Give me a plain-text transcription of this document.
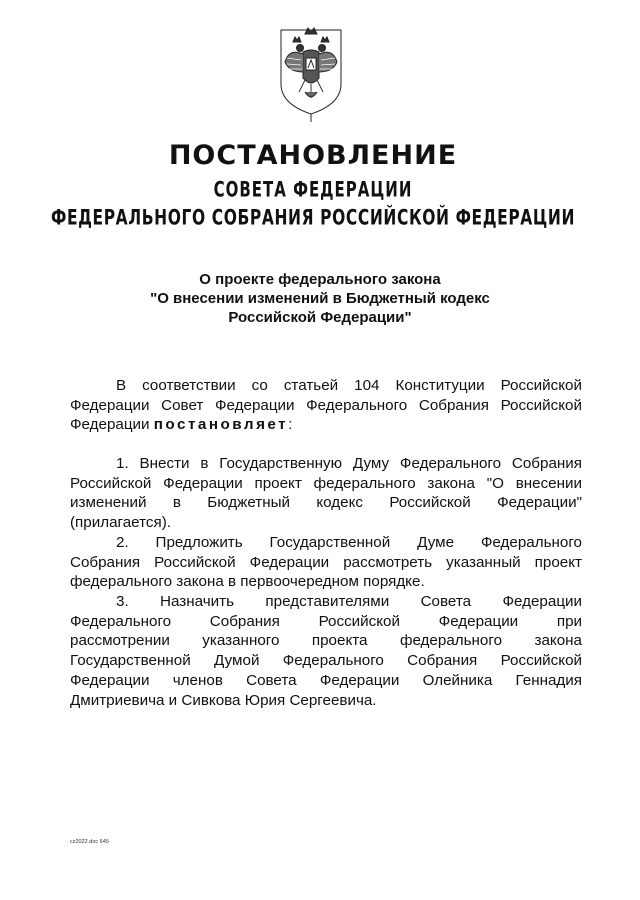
ПОСТАНОВЛЕНИЕ
СОВЕТА ФЕДЕРАЦИИ
ФЕДЕРАЛЬНОГО СОБРАНИЯ РОССИЙСКОЙ ФЕДЕРАЦИИ
О проекте федерального закона
"О внесении изменений в Бюджетный кодекс
Российской Федерации"
В соответствии со статьей 104 Конституции Российской
Федерации Совет Федерации Федерального Собрания Российской
Федерации постановляет:
1. Внести в Государственную Думу Федерального Собрания
Российской Федерации проект федерального закона "О внесении
изменений в Бюджетный кодекс Российской Федерации"
(прилагается).
2. Предложить Государственной Думе Федерального
Собрания Российской Федерации рассмотреть указанный проект
федерального закона в первоочередном порядке.
3. Назначить представителями Совета Федерации
Федерального Собрания Российской Федерации при
рассмотрении указанного проекта федерального закона
Государственной Думой Федерального Собрания Российской
Федерации членов Совета Федерации Олейника Геннадия
Дмитриевича и Сивкова Юрия Сергеевича.
сz2022.doc 645
